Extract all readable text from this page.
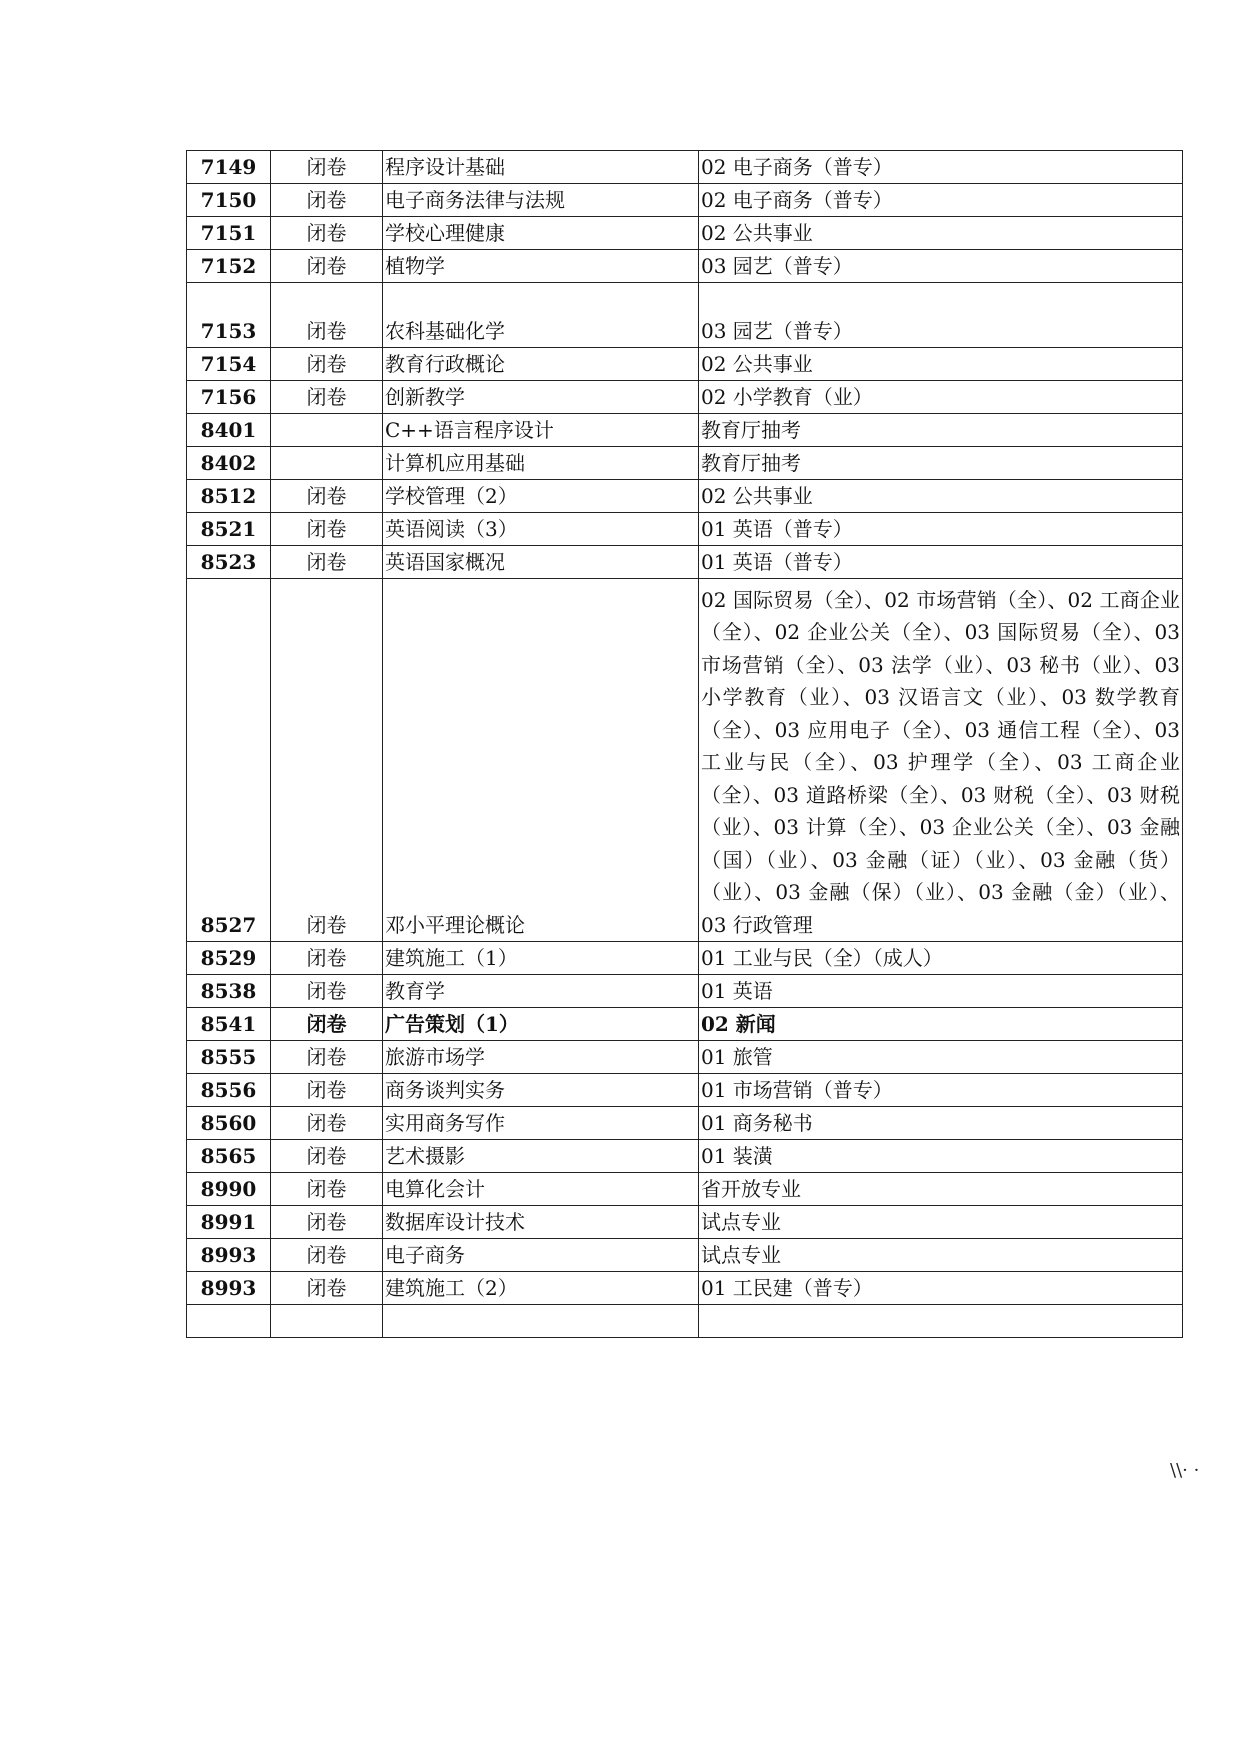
7149	闭卷	程序设计基础	02 电子商务（普专）
7150	闭卷	电子商务法律与法规	02 电子商务（普专）
7151	闭卷	学校心理健康	02 公共事业
7152	闭卷	植物学	03 园艺（普专）
7153	闭卷	农科基础化学	03 园艺（普专）
7154	闭卷	教育行政概论	02 公共事业
7156	闭卷	创新教学	02 小学教育（业）
8401		C++语言程序设计	教育厅抽考
8402		计算机应用基础	教育厅抽考
8512	闭卷	学校管理（2）	02 公共事业
8521	闭卷	英语阅读（3）	01 英语（普专）
8523	闭卷	英语国家概况	01 英语（普专）
8527	闭卷	邓小平理论概论	02 国际贸易（全）、02 市场营销（全）、02 工商企业（全）、02 企业公关（全）、03 国际贸易（全）、03 市场营销（全）、03 法学（业）、03 秘书（业）、03 小学教育（业）、03 汉语言文（业）、03 数学教育（全）、03 应用电子（全）、03 通信工程（全）、03 工业与民（全）、03 护理学（全）、03 工商企业（全）、03 道路桥梁（全）、03 财税（全）、03 财税（业）、03 计算（全）、03 企业公关（全）、03 金融（国）（业）、03 金融（证）（业）、03 金融（货）（业）、03 金融（保）（业）、03 金融（金）（业）、03 行政管理
8529	闭卷	建筑施工（1）	01 工业与民（全）（成人）
8538	闭卷	教育学	01 英语
8541	闭卷	广告策划（1）	02 新闻
8555	闭卷	旅游市场学	01 旅管
8556	闭卷	商务谈判实务	01 市场营销（普专）
8560	闭卷	实用商务写作	01 商务秘书
8565	闭卷	艺术摄影	01 装潢
8990	闭卷	电算化会计	省开放专业
8991	闭卷	数据库设计技术	试点专业
8993	闭卷	电子商务	试点专业
8993	闭卷	建筑施工（2）	01 工民建（普专）

\\· ·
